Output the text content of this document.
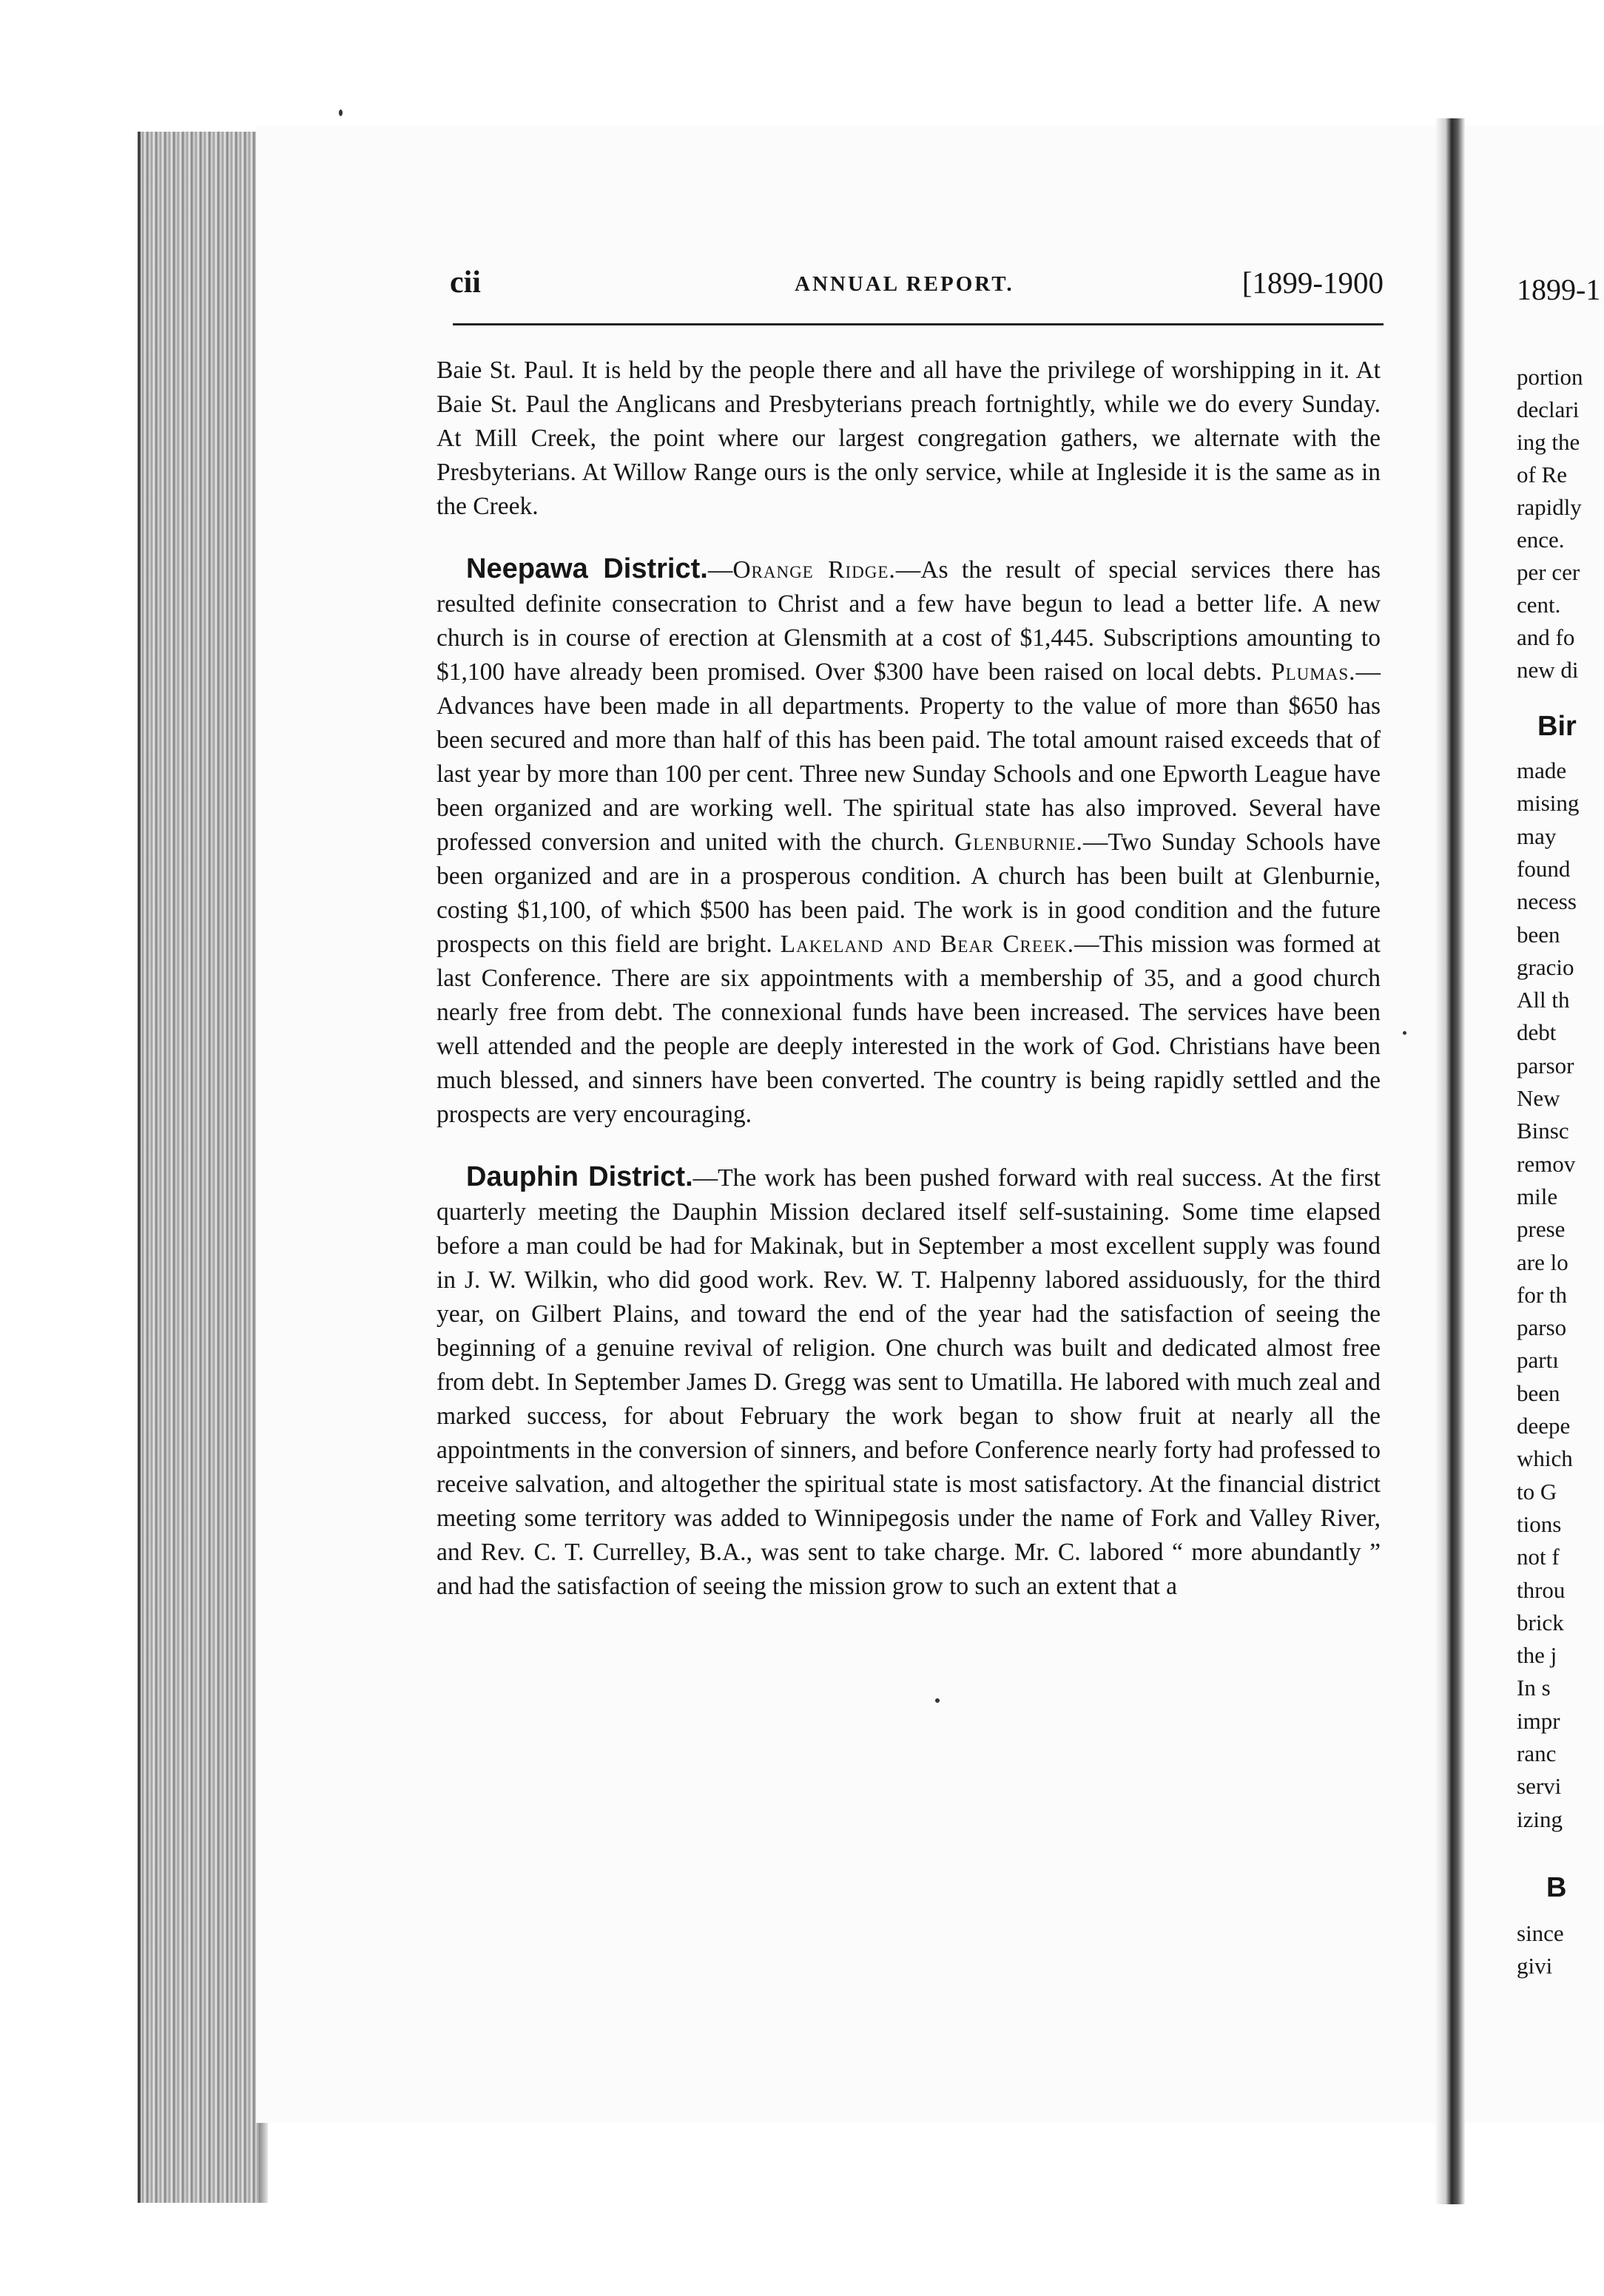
cii	ANNUAL REPORT.	[1899-1900

Baie St. Paul. It is held by the people there and all have the privilege of worshipping in it. At Baie St. Paul the Anglicans and Presbyterians preach fortnightly, while we do every Sunday. At Mill Creek, the point where our largest congregation gathers, we alternate with the Presbyterians. At Willow Range ours is the only service, while at Ingleside it is the same as in the Creek.

Neepawa District.—Orange Ridge.—As the result of special services there has resulted definite consecration to Christ and a few have begun to lead a better life. A new church is in course of erection at Glensmith at a cost of $1,445. Subscriptions amounting to $1,100 have already been promised. Over $300 have been raised on local debts. Plumas.—Advances have been made in all departments. Property to the value of more than $650 has been secured and more than half of this has been paid. The total amount raised exceeds that of last year by more than 100 per cent. Three new Sunday Schools and one Epworth League have been organized and are working well. The spiritual state has also improved. Several have professed conversion and united with the church. Glenburnie.—Two Sunday Schools have been organized and are in a prosperous condition. A church has been built at Glenburnie, costing $1,100, of which $500 has been paid. The work is in good condition and the future prospects on this field are bright. Lakeland and Bear Creek.—This mission was formed at last Conference. There are six appointments with a membership of 35, and a good church nearly free from debt. The connexional funds have been increased. The services have been well attended and the people are deeply interested in the work of God. Christians have been much blessed, and sinners have been converted. The country is being rapidly settled and the prospects are very encouraging.

Dauphin District.—The work has been pushed forward with real success. At the first quarterly meeting the Dauphin Mission declared itself self-sustaining. Some time elapsed before a man could be had for Makinak, but in September a most excellent supply was found in J. W. Wilkin, who did good work. Rev. W. T. Halpenny labored assiduously, for the third year, on Gilbert Plains, and toward the end of the year had the satisfaction of seeing the beginning of a genuine revival of religion. One church was built and dedicated almost free from debt. In September James D. Gregg was sent to Umatilla. He labored with much zeal and marked success, for about February the work began to show fruit at nearly all the appointments in the conversion of sinners, and before Conference nearly forty had professed to receive salvation, and altogether the spiritual state is most satisfactory. At the financial district meeting some territory was added to Winnipegosis under the name of Fork and Valley River, and Rev. C. T. Currelley, B.A., was sent to take charge. Mr. C. labored “ more abundantly ” and had the satisfaction of seeing the mission grow to such an extent that a

1899-1
portion
declari
ing the
of Re
rapidly
ence.
per cer
cent.
and fo
new di
Bir
made
mising
may
found
necess
been
gracio
All th
debt
parsor
New
Binsc
remov
mile
prese
are lo
for th
parso
partı
been
deepe
which
to G
tions
not f
throu
brick
the j
In s
impr
ranc
servi
izing
B
since
givi
